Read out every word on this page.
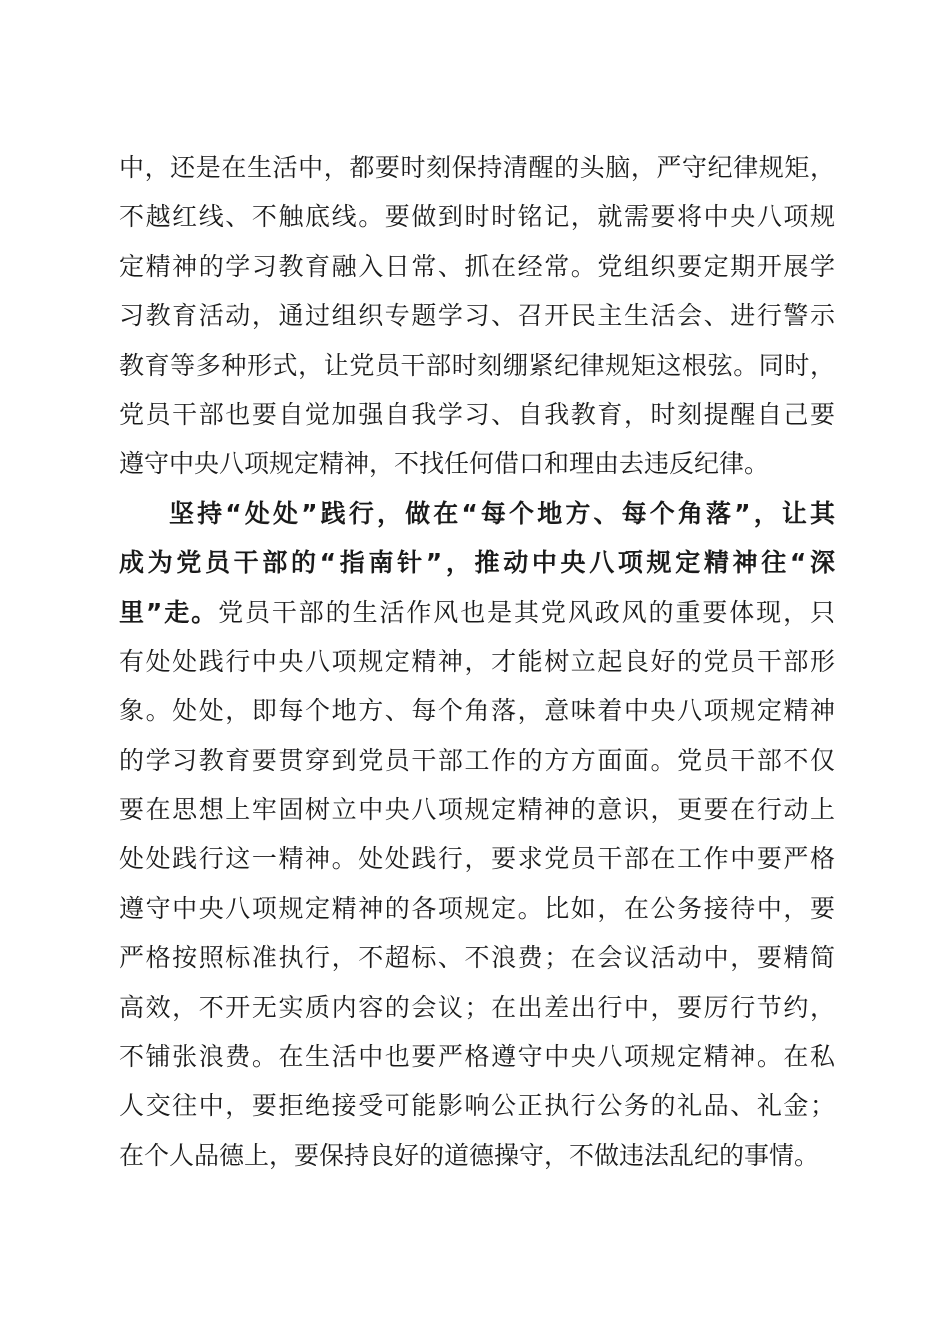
中，还是在生活中，都要时刻保持清醒的头脑，严守纪律规矩，
不越红线、不触底线。要做到时时铭记，就需要将中央八项规
定精神的学习教育融入日常、抓在经常。党组织要定期开展学
习教育活动，通过组织专题学习、召开民主生活会、进行警示
教育等多种形式，让党员干部时刻绷紧纪律规矩这根弦。同时，
党员干部也要自觉加强自我学习、自我教育，时刻提醒自己要
遵守中央八项规定精神，不找任何借口和理由去违反纪律。
坚持“处处”践行，做在“每个地方、每个角落”，让其
成为党员干部的“指南针”，推动中央八项规定精神往“深
里”走。党员干部的生活作风也是其党风政风的重要体现，只
有处处践行中央八项规定精神，才能树立起良好的党员干部形
象。处处，即每个地方、每个角落，意味着中央八项规定精神
的学习教育要贯穿到党员干部工作的方方面面。党员干部不仅
要在思想上牢固树立中央八项规定精神的意识，更要在行动上
处处践行这一精神。处处践行，要求党员干部在工作中要严格
遵守中央八项规定精神的各项规定。比如，在公务接待中，要
严格按照标准执行，不超标、不浪费；在会议活动中，要精简
高效，不开无实质内容的会议；在出差出行中，要厉行节约，
不铺张浪费。在生活中也要严格遵守中央八项规定精神。在私
人交往中，要拒绝接受可能影响公正执行公务的礼品、礼金；
在个人品德上，要保持良好的道德操守，不做违法乱纪的事情。
